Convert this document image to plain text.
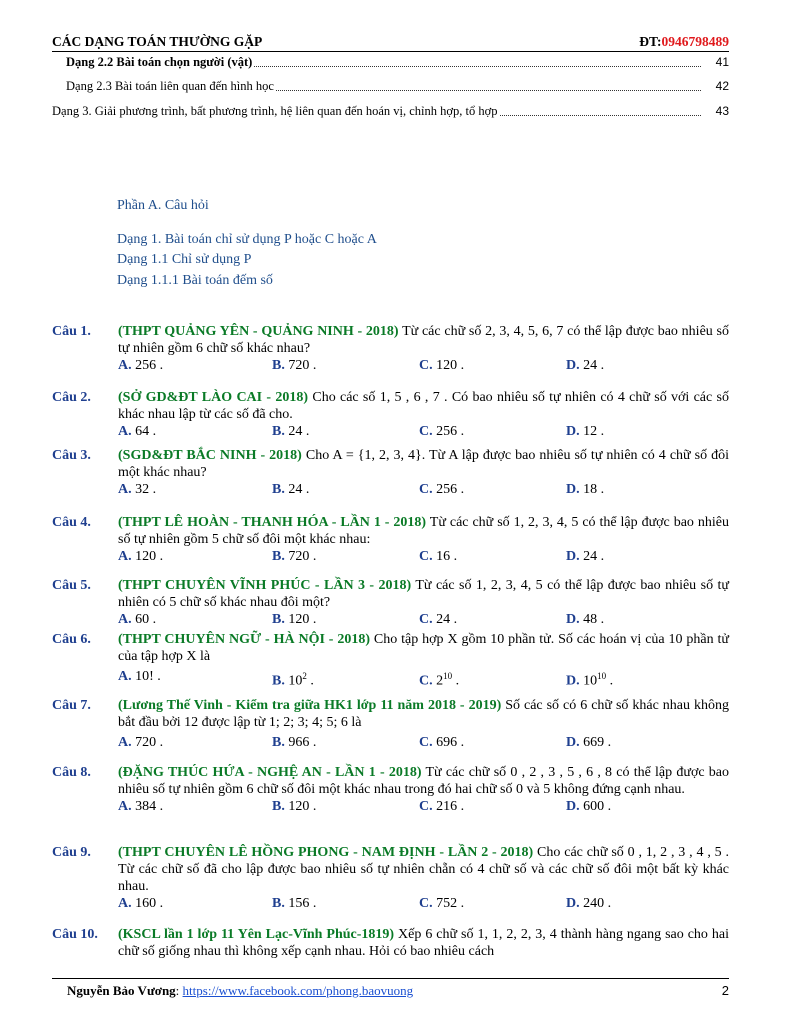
CÁC DẠNG TOÁN THƯỜNG GẶP	ĐT:0946798489
Dạng 2.2 Bài toán chọn người (vật)	41
Dạng 2.3 Bài toán liên quan đến hình học	42
Dạng 3. Giải phương trình, bất phương trình, hệ liên quan đến hoán vị, chỉnh hợp, tổ hợp	43
Phần A. Câu hỏi
Dạng 1. Bài toán chỉ sử dụng P hoặc C hoặc A
Dạng 1.1 Chỉ sử dụng P
Dạng 1.1.1 Bài toán đếm số
Câu 1. (THPT QUẢNG YÊN - QUẢNG NINH - 2018) Từ các chữ số 2, 3, 4, 5, 6, 7 có thể lập được bao nhiêu số tự nhiên gồm 6 chữ số khác nhau?
A. 256 .	B. 720 .	C. 120 .	D. 24 .
Câu 2. (SỞ GD&ĐT LÀO CAI - 2018) Cho các số 1, 5 , 6 , 7 . Có bao nhiêu số tự nhiên có 4 chữ số với các số khác nhau lập từ các số đã cho.
A. 64 .	B. 24 .	C. 256 .	D. 12 .
Câu 3. (SGD&ĐT BẮC NINH - 2018) Cho A = {1, 2, 3, 4}. Từ A lập được bao nhiêu số tự nhiên có 4 chữ số đôi một khác nhau?
A. 32 .	B. 24 .	C. 256 .	D. 18 .
Câu 4. (THPT LÊ HOÀN - THANH HÓA - LẦN 1 - 2018) Từ các chữ số 1, 2, 3, 4, 5 có thể lập được bao nhiêu số tự nhiên gồm 5 chữ số đôi một khác nhau:
A. 120 .	B. 720 .	C. 16 .	D. 24 .
Câu 5. (THPT CHUYÊN VĨNH PHÚC - LẦN 3 - 2018) Từ các số 1, 2, 3, 4, 5 có thể lập được bao nhiêu số tự nhiên có 5 chữ số khác nhau đôi một?
A. 60 .	B. 120 .	C. 24 .	D. 48 .
Câu 6. (THPT CHUYÊN NGỮ - HÀ NỘI - 2018) Cho tập hợp X gồm 10 phần tử. Số các hoán vị của 10 phần tử của tập hợp X là
A. 10! .	B. $10^2$ .	C. $2^{10}$ .	D. $10^{10}$ .
Câu 7. (Lương Thế Vinh - Kiểm tra giữa HK1 lớp 11 năm 2018 - 2019) Số các số có 6 chữ số khác nhau không bắt đầu bởi 12 được lập từ 1; 2; 3; 4; 5; 6 là
A. 720 .	B. 966 .	C. 696 .	D. 669 .
Câu 8. (ĐẶNG THÚC HỨA - NGHỆ AN - LẦN 1 - 2018) Từ các chữ số 0 , 2 , 3 , 5 , 6 , 8 có thể lập được bao nhiêu số tự nhiên gồm 6 chữ số đôi một khác nhau trong đó hai chữ số 0 và 5 không đứng cạnh nhau.
A. 384 .	B. 120 .	C. 216 .	D. 600 .
Câu 9. (THPT CHUYÊN LÊ HỒNG PHONG - NAM ĐỊNH - LẦN 2 - 2018) Cho các chữ số 0 , 1, 2 , 3 , 4 , 5 . Từ các chữ số đã cho lập được bao nhiêu số tự nhiên chẵn có 4 chữ số và các chữ số đôi một bất kỳ khác nhau.
A. 160 .	B. 156 .	C. 752 .	D. 240 .
Câu 10. (KSCL lần 1 lớp 11 Yên Lạc-Vĩnh Phúc-1819) Xếp 6 chữ số 1, 1, 2, 2, 3, 4 thành hàng ngang sao cho hai chữ số giống nhau thì không xếp cạnh nhau. Hỏi có bao nhiêu cách
Nguyễn Bảo Vương: https://www.facebook.com/phong.baovuong	2
